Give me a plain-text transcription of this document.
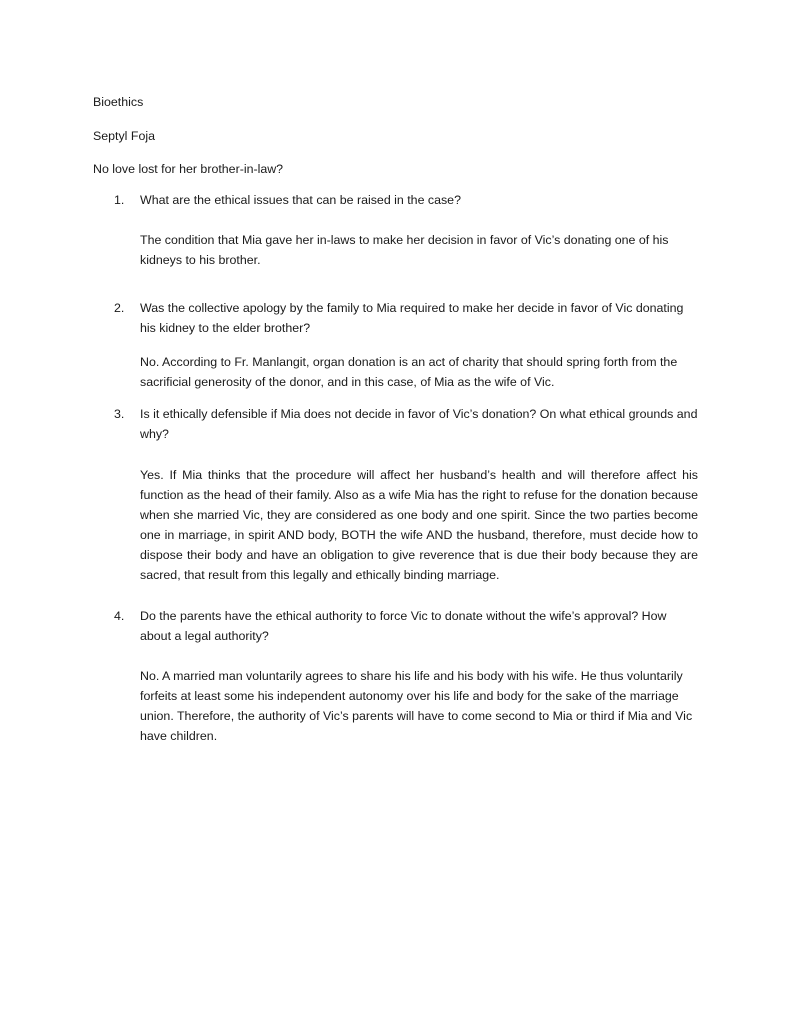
Bioethics
Septyl Foja
No love lost for her brother-in-law?
1. What are the ethical issues that can be raised in the case?

The condition that Mia gave her in-laws to make her decision in favor of Vic’s donating one of his kidneys to his brother.

2. Was the collective apology by the family to Mia required to make her decide in favor of Vic donating his kidney to the elder brother?

No. According to Fr. Manlangit, organ donation is an act of charity that should spring forth from the sacrificial generosity of the donor, and in this case, of Mia as the wife of Vic.

3. Is it ethically defensible if Mia does not decide in favor of Vic’s donation? On what ethical grounds and why?

Yes. If Mia thinks that the procedure will affect her husband’s health and will therefore affect his function as the head of their family. Also as a wife Mia has the right to refuse for the donation because when she married Vic, they are considered as one body and one spirit. Since the two parties become one in marriage, in spirit AND body, BOTH the wife AND the husband, therefore, must decide how to dispose their body and have an obligation to give reverence that is due their body because they are sacred, that result from this legally and ethically binding marriage.

4. Do the parents have the ethical authority to force Vic to donate without the wife’s approval? How about a legal authority?

No. A married man voluntarily agrees to share his life and his body with his wife. He thus voluntarily forfeits at least some his independent autonomy over his life and body for the sake of the marriage union. Therefore, the authority of Vic’s parents will have to come second to Mia or third if Mia and Vic have children.
